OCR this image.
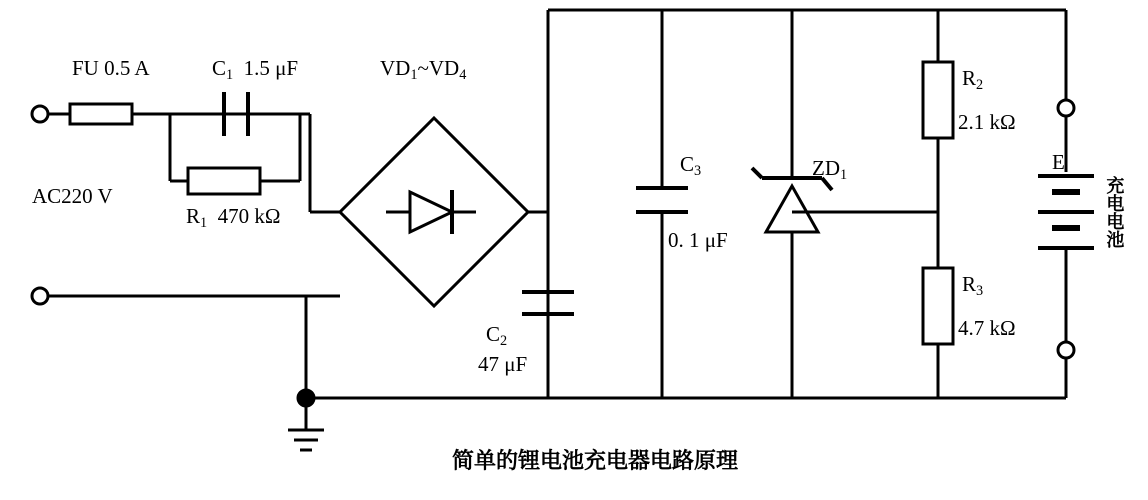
FU 0.5 A	$C_1$ 1.5 μF	$VD_1\sim VD_4$
AC220 V
$R_1$ 470 kΩ
$C_2$
47 μF
$C_3$
0. 1 μF
$ZD_1$
$R_2$
2.1 kΩ
$R_3$
4.7 kΩ
E
充电电池
简单的锂电池充电器电路原理
